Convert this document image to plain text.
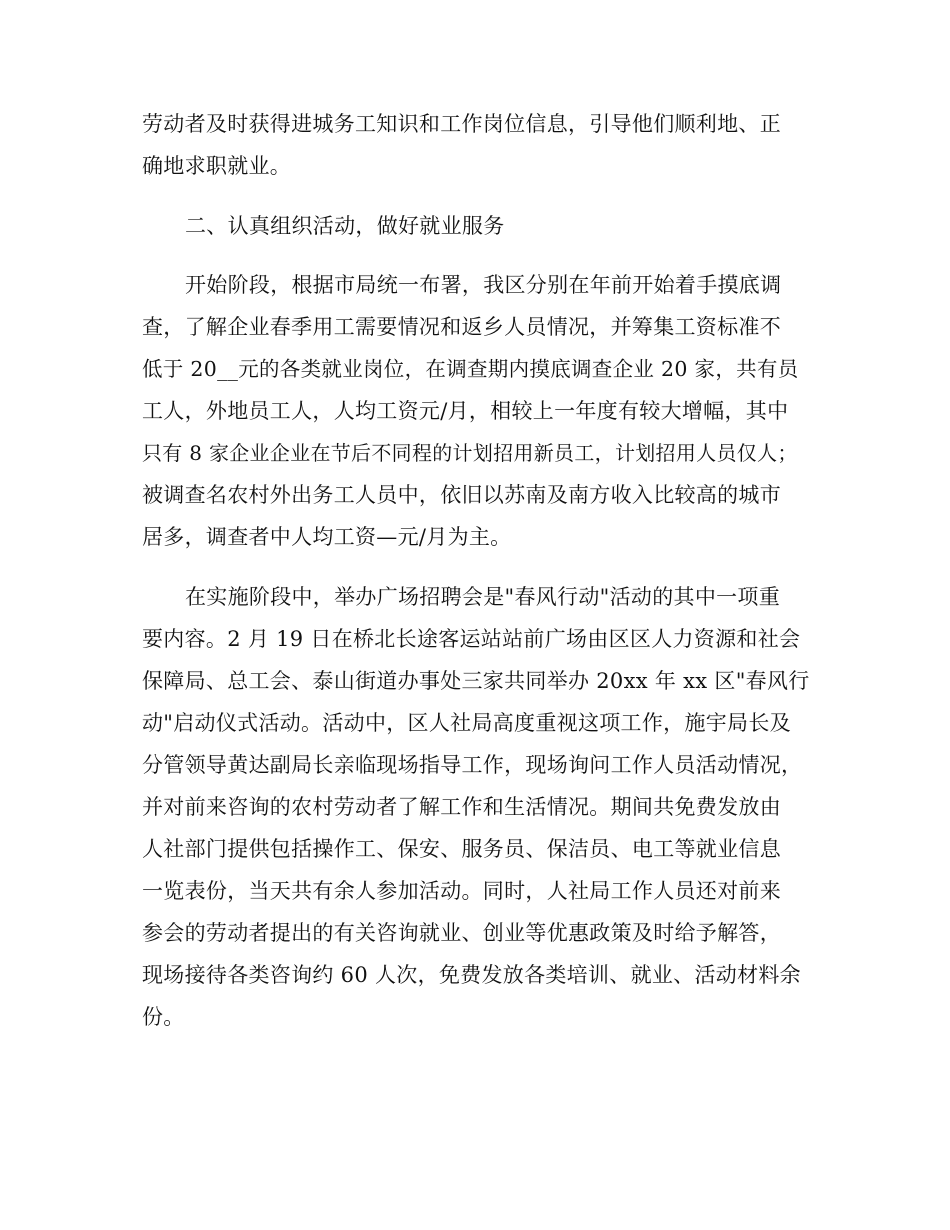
劳动者及时获得进城务工知识和工作岗位信息，引导他们顺利地、正
确地求职就业。
二、认真组织活动，做好就业服务
开始阶段，根据市局统一布署，我区分别在年前开始着手摸底调
查，了解企业春季用工需要情况和返乡人员情况，并筹集工资标准不
低于 20__元的各类就业岗位，在调查期内摸底调查企业 20 家，共有员
工人，外地员工人，人均工资元/月，相较上一年度有较大增幅，其中
只有 8 家企业企业在节后不同程的计划招用新员工，计划招用人员仅人；
被调查名农村外出务工人员中，依旧以苏南及南方收入比较高的城市
居多，调查者中人均工资—元/月为主。
在实施阶段中，举办广场招聘会是"春风行动"活动的其中一项重
要内容。2 月 19 日在桥北长途客运站站前广场由区区人力资源和社会
保障局、总工会、泰山街道办事处三家共同举办 20xx 年 xx 区"春风行
动"启动仪式活动。活动中，区人社局高度重视这项工作，施宇局长及
分管领导黄达副局长亲临现场指导工作，现场询问工作人员活动情况，
并对前来咨询的农村劳动者了解工作和生活情况。期间共免费发放由
人社部门提供包括操作工、保安、服务员、保洁员、电工等就业信息
一览表份，当天共有余人参加活动。同时，人社局工作人员还对前来
参会的劳动者提出的有关咨询就业、创业等优惠政策及时给予解答，
现场接待各类咨询约 60 人次，免费发放各类培训、就业、活动材料余
份。
